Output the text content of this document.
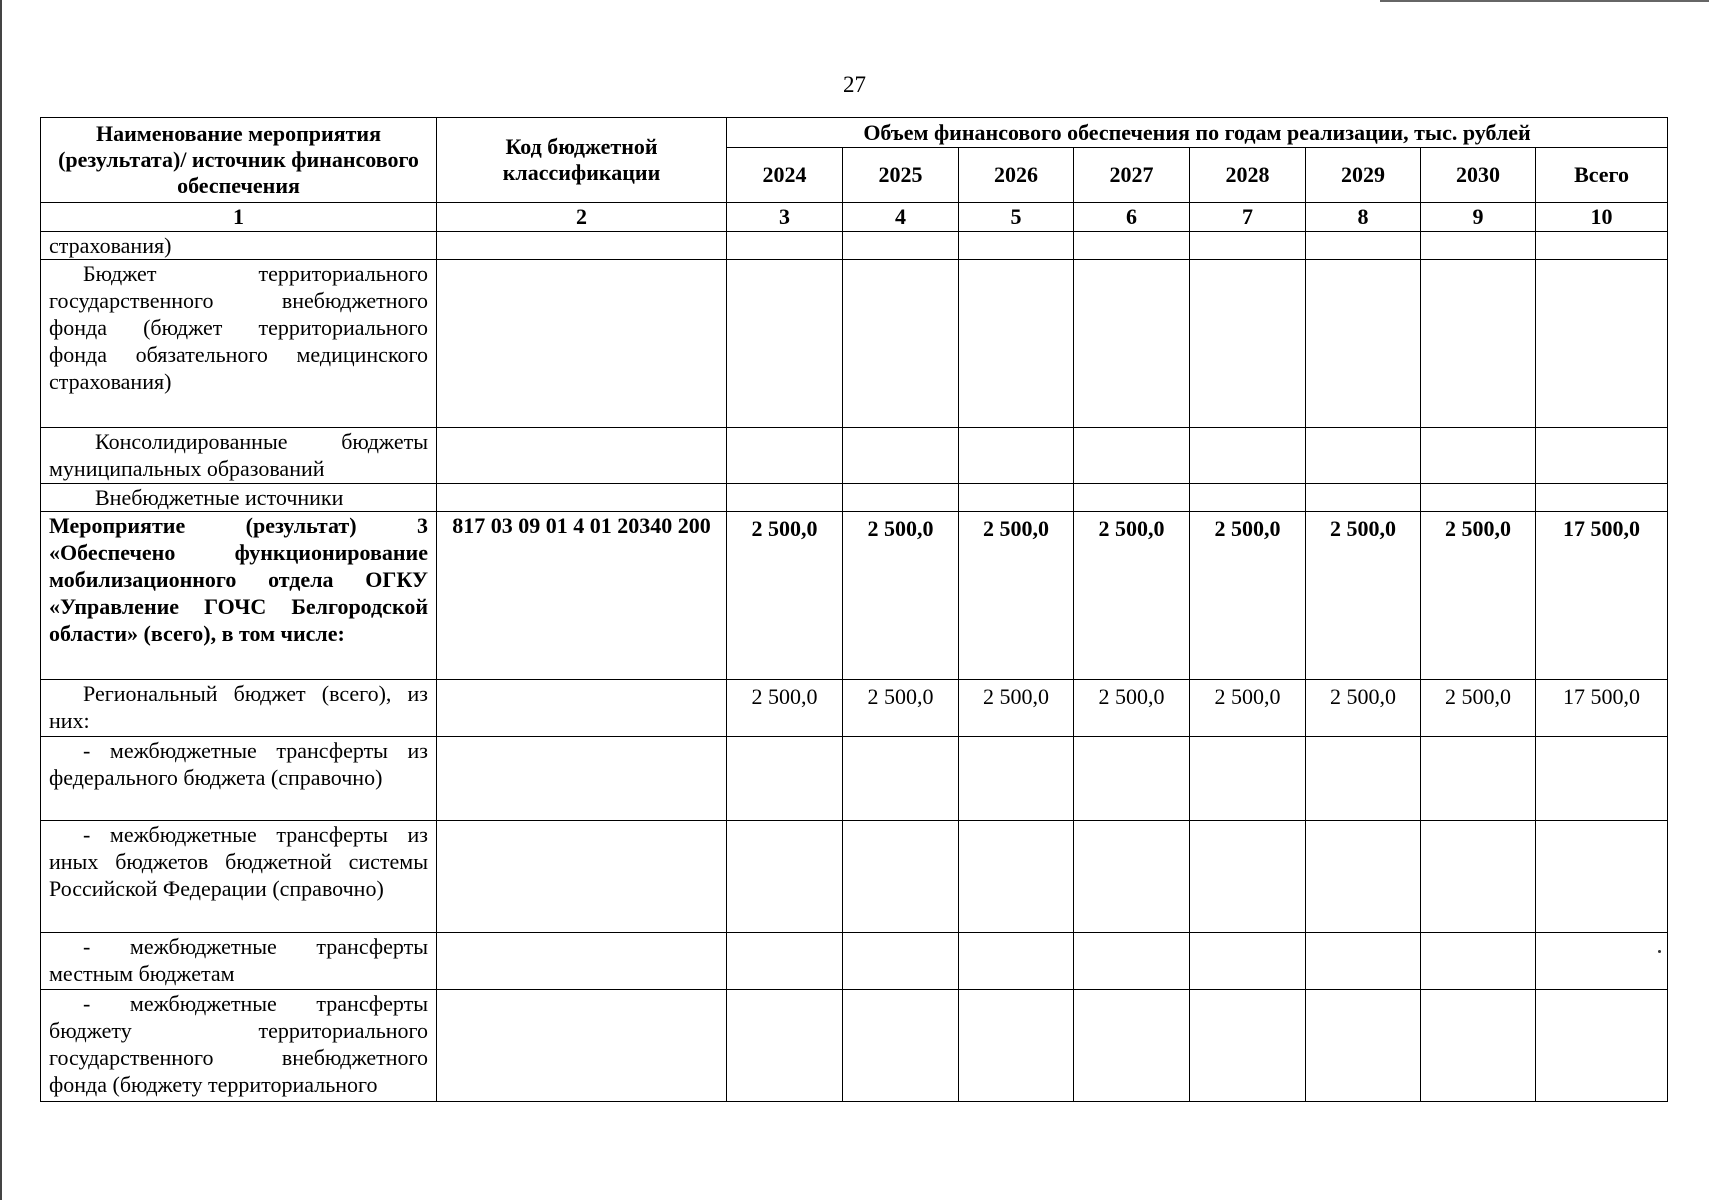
27
Наименование мероприятия (результата)/ источник финансового обеспечения	Код бюджетной классификации	Объем финансового обеспечения по годам реализации, тыс. рублей							
		2024	2025	2026	2027	2028	2029	2030	Всего
1	2	3	4	5	6	7	8	9	10
страхования)									
Бюджет территориального государственного внебюджетного фонда (бюджет территориального фонда обязательного медицинского страхования)									
Консолидированные бюджеты муниципальных образований									
Внебюджетные источники									
Мероприятие (результат) 3 «Обеспечено функционирование мобилизационного отдела ОГКУ «Управление ГОЧС Белгородской области» (всего), в том числе:	817 03 09 01 4 01 20340 200	2 500,0	2 500,0	2 500,0	2 500,0	2 500,0	2 500,0	2 500,0	17 500,0
Региональный бюджет (всего), из них:		2 500,0	2 500,0	2 500,0	2 500,0	2 500,0	2 500,0	2 500,0	17 500,0
- межбюджетные трансферты из федерального бюджета (справочно)									
- межбюджетные трансферты из иных бюджетов бюджетной системы Российской Федерации (справочно)									
- межбюджетные трансферты местным бюджетам									
- межбюджетные трансферты бюджету территориального государственного внебюджетного фонда (бюджету территориального									
